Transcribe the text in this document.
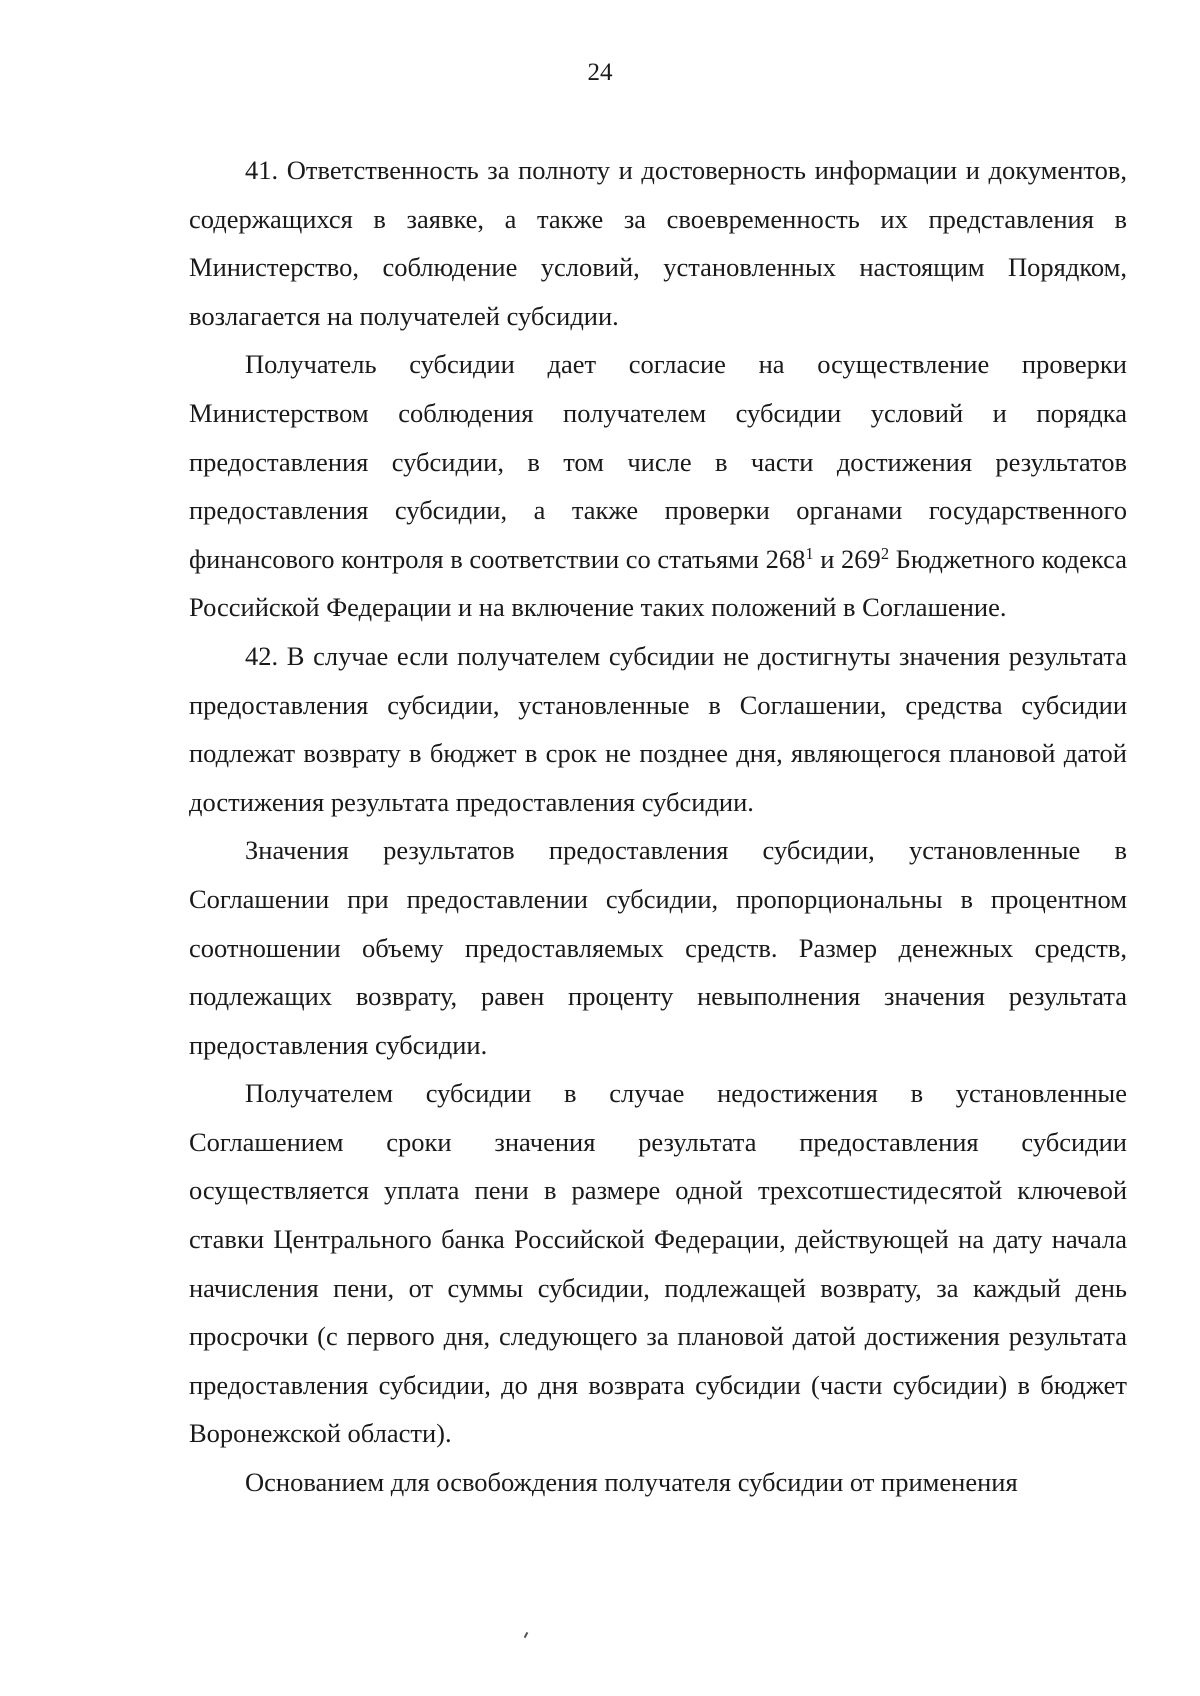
24

41. Ответственность за полноту и достоверность информации и документов, содержащихся в заявке, а также за своевременность их представления в Министерство, соблюдение условий, установленных настоящим Порядком, возлагается на получателей субсидии.

Получатель субсидии дает согласие на осуществление проверки Министерством соблюдения получателем субсидии условий и порядка предоставления субсидии, в том числе в части достижения результатов предоставления субсидии, а также проверки органами государственного финансового контроля в соответствии со статьями $268^1$ и $269^2$ Бюджетного кодекса Российской Федерации и на включение таких положений в Соглашение.

42. В случае если получателем субсидии не достигнуты значения результата предоставления субсидии, установленные в Соглашении, средства субсидии подлежат возврату в бюджет в срок не позднее дня, являющегося плановой датой достижения результата предоставления субсидии.

Значения результатов предоставления субсидии, установленные в Соглашении при предоставлении субсидии, пропорциональны в процентном соотношении объему предоставляемых средств. Размер денежных средств, подлежащих возврату, равен проценту невыполнения значения результата предоставления субсидии.

Получателем субсидии в случае недостижения в установленные Соглашением сроки значения результата предоставления субсидии осуществляется уплата пени в размере одной трехсотшестидесятой ключевой ставки Центрального банка Российской Федерации, действующей на дату начала начисления пени, от суммы субсидии, подлежащей возврату, за каждый день просрочки (с первого дня, следующего за плановой датой достижения результата предоставления субсидии, до дня возврата субсидии (части субсидии) в бюджет Воронежской области).

Основанием для освобождения получателя субсидии от применения
